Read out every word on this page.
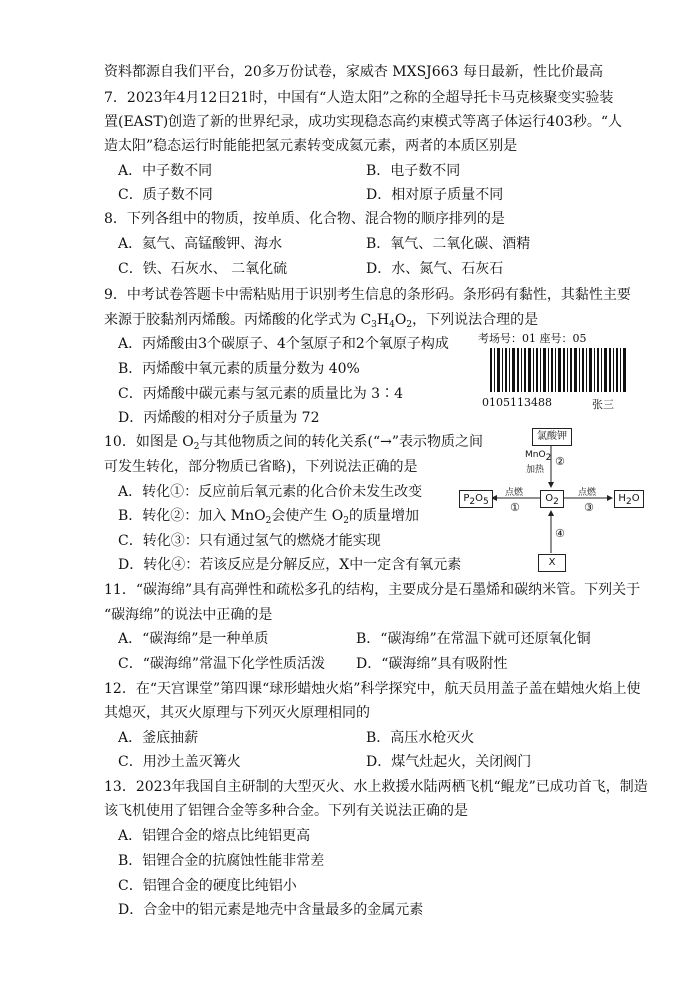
资料都源自我们平台，20多万份试卷，家威杏 MXSJ663 每日最新，性比价最高
7．2023年4月12日21时，中国有“人造太阳”之称的全超导托卡马克核聚变实验装
置(EAST)创造了新的世界纪录，成功实现稳态高约束模式等离子体运行403秒。“人
造太阳”稳态运行时能能把氢元素转变成氦元素，两者的本质区别是
A．中子数不同	B．电子数不同
C．质子数不同	D．相对原子质量不同
8．下列各组中的物质，按单质、化合物、混合物的顺序排列的是
A．氦气、高锰酸钾、海水	B．氧气、二氧化碳、酒精
C．铁、石灰水、 二氧化硫	D．水、氮气、石灰石
9．中考试卷答题卡中需粘贴用于识别考生信息的条形码。条形码有黏性，其黏性主要
来源于胶黏剂丙烯酸。丙烯酸的化学式为 $C_3H_4O_2$，下列说法合理的是
A．丙烯酸由3个碳原子、4个氢原子和2个氧原子构成
B．丙烯酸中氧元素的质量分数为 40%
C．丙烯酸中碳元素与氢元素的质量比为 3∶4
D．丙烯酸的相对分子质量为 72
考场号：01 座号：05
0105113488	张三
10．如图是 $O_2$与其他物质之间的转化关系(“→”表示物质之间
可发生转化，部分物质已省略)，下列说法正确的是
A．转化①：反应前后氧元素的化合价未发生改变
B．转化②：加入 MnO$_2$会使产生 $O_2$的质量增加
C．转化③：只有通过氢气的燃烧才能实现
D．转化④：若该反应是分解反应，X中一定含有氧元素
氯酸钾
MnO$_2$
加热
②
$P_2O_5$
点燃
①
$O_2$
点燃
③
$H_2O$
④
X
11．“碳海绵”具有高弹性和疏松多孔的结构，主要成分是石墨烯和碳纳米管。下列关于
“碳海绵”的说法中正确的是
A．“碳海绵”是一种单质	B．“碳海绵”在常温下就可还原氧化铜
C．“碳海绵”常温下化学性质活泼 D．“碳海绵”具有吸附性
12．在“天宫课堂”第四课“球形蜡烛火焰”科学探究中，航天员用盖子盖在蜡烛火焰上使
其熄灭，其灭火原理与下列灭火原理相同的
A．釜底抽薪	B．高压水枪灭火
C．用沙土盖灭篝火	D．煤气灶起火，关闭阀门
13．2023年我国自主研制的大型灭火、水上救援水陆两栖飞机“鲲龙”已成功首飞，制造
该飞机使用了铝锂合金等多种合金。下列有关说法正确的是
A．铝锂合金的熔点比纯铝更高
B．铝锂合金的抗腐蚀性能非常差
C．铝锂合金的硬度比纯铝小
D．合金中的铝元素是地壳中含量最多的金属元素
